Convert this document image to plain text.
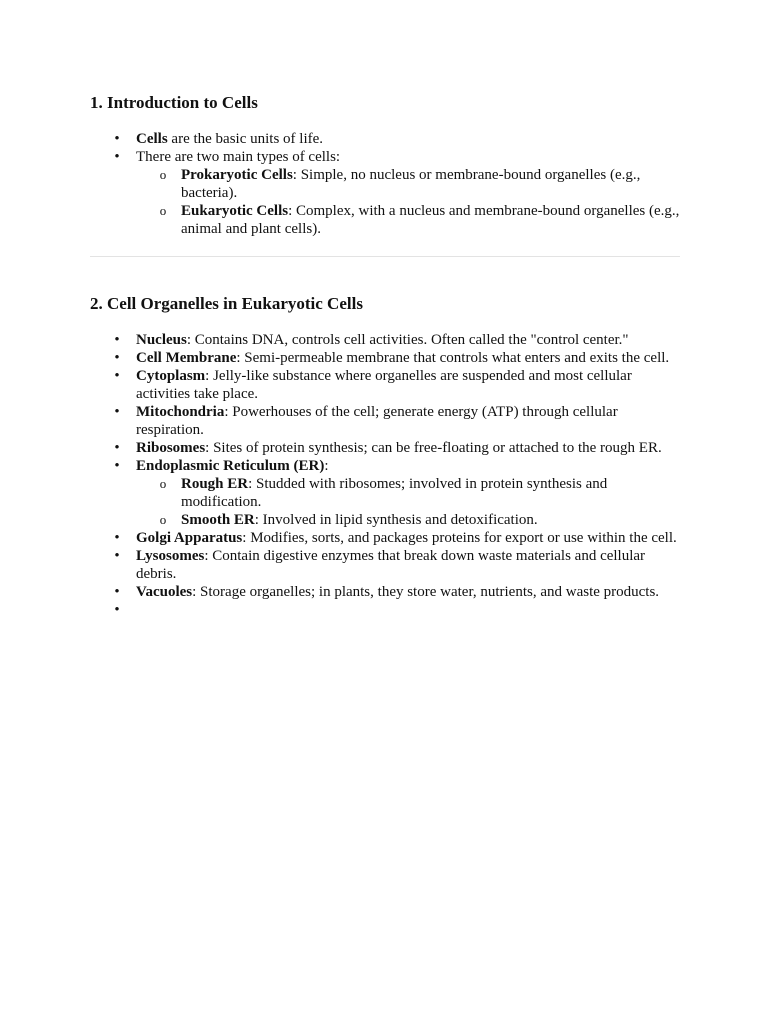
1. Introduction to Cells
• Cells are the basic units of life.
• There are two main types of cells:
o Prokaryotic Cells: Simple, no nucleus or membrane-bound organelles (e.g., bacteria).
o Eukaryotic Cells: Complex, with a nucleus and membrane-bound organelles (e.g., animal and plant cells).
2. Cell Organelles in Eukaryotic Cells
• Nucleus: Contains DNA, controls cell activities. Often called the "control center."
• Cell Membrane: Semi-permeable membrane that controls what enters and exits the cell.
• Cytoplasm: Jelly-like substance where organelles are suspended and most cellular activities take place.
• Mitochondria: Powerhouses of the cell; generate energy (ATP) through cellular respiration.
• Ribosomes: Sites of protein synthesis; can be free-floating or attached to the rough ER.
• Endoplasmic Reticulum (ER):
o Rough ER: Studded with ribosomes; involved in protein synthesis and modification.
o Smooth ER: Involved in lipid synthesis and detoxification.
• Golgi Apparatus: Modifies, sorts, and packages proteins for export or use within the cell.
• Lysosomes: Contain digestive enzymes that break down waste materials and cellular debris.
• Vacuoles: Storage organelles; in plants, they store water, nutrients, and waste products.
•
